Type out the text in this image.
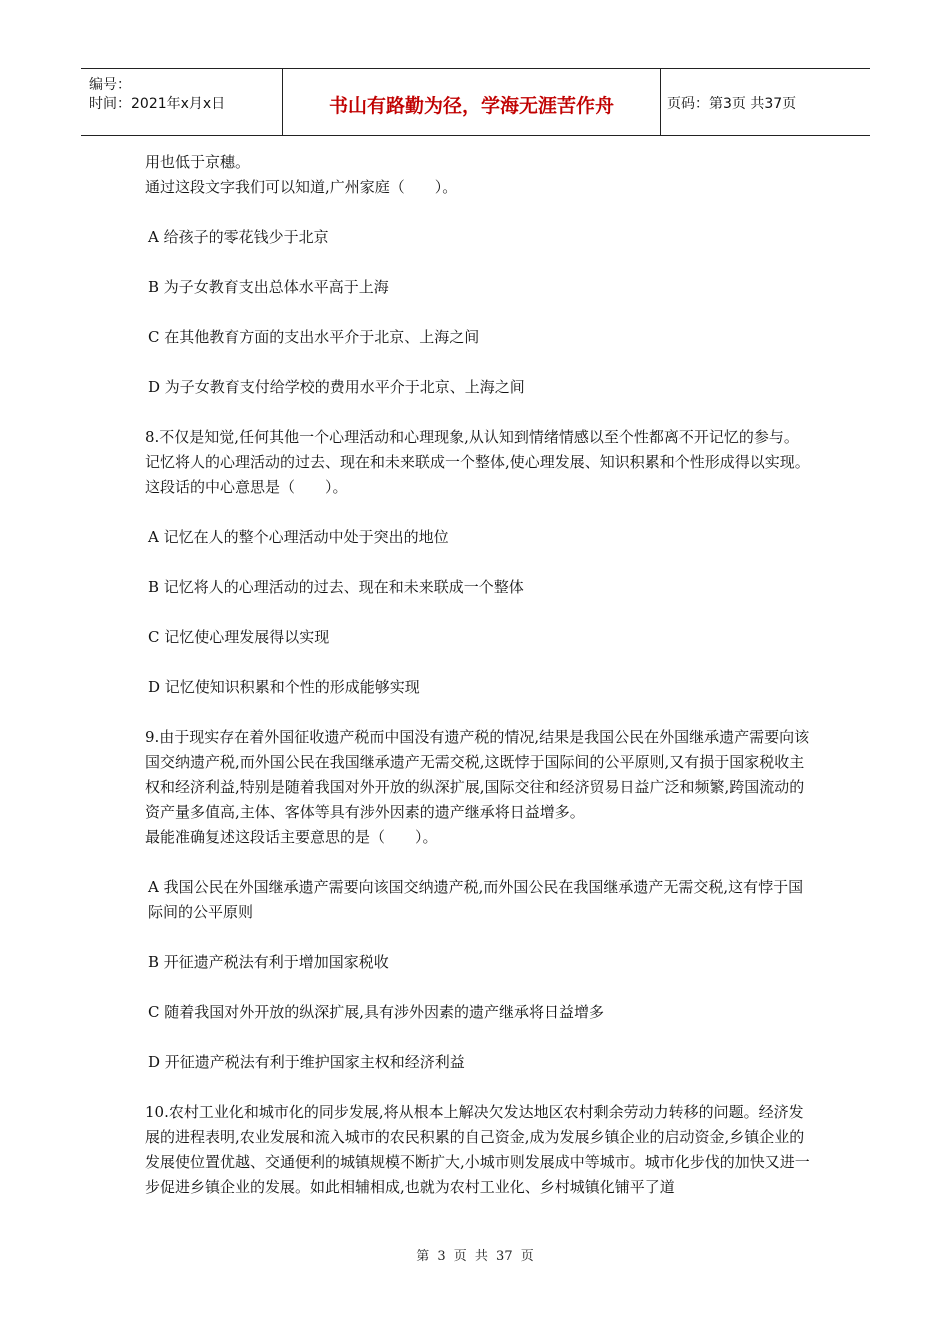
编号：
时间：2021年x月x日	书山有路勤为径，学海无涯苦作舟	页码：第3页 共37页

用也低于京穗。

通过这段文字我们可以知道,广州家庭（　　）。

A 给孩子的零花钱少于北京

B 为子女教育支出总体水平高于上海

C 在其他教育方面的支出水平介于北京、上海之间

D 为子女教育支付给学校的费用水平介于北京、上海之间

8.不仅是知觉,任何其他一个心理活动和心理现象,从认知到情绪情感以至个性都离不开记忆的参与。记忆将人的心理活动的过去、现在和未来联成一个整体,使心理发展、知识积累和个性形成得以实现。

这段话的中心意思是（　　）。

A 记忆在人的整个心理活动中处于突出的地位

B 记忆将人的心理活动的过去、现在和未来联成一个整体

C 记忆使心理发展得以实现

D 记忆使知识积累和个性的形成能够实现

9.由于现实存在着外国征收遗产税而中国没有遗产税的情况,结果是我国公民在外国继承遗产需要向该国交纳遗产税,而外国公民在我国继承遗产无需交税,这既悖于国际间的公平原则,又有损于国家税收主权和经济利益,特别是随着我国对外开放的纵深扩展,国际交往和经济贸易日益广泛和频繁,跨国流动的资产量多值高,主体、客体等具有涉外因素的遗产继承将日益增多。

最能准确复述这段话主要意思的是（　　）。

A 我国公民在外国继承遗产需要向该国交纳遗产税,而外国公民在我国继承遗产无需交税,这有悖于国际间的公平原则

B 开征遗产税法有利于增加国家税收

C 随着我国对外开放的纵深扩展,具有涉外因素的遗产继承将日益增多

D 开征遗产税法有利于维护国家主权和经济利益

10.农村工业化和城市化的同步发展,将从根本上解决欠发达地区农村剩余劳动力转移的问题。经济发展的进程表明,农业发展和流入城市的农民积累的自己资金,成为发展乡镇企业的启动资金,乡镇企业的发展使位置优越、交通便利的城镇规模不断扩大,小城市则发展成中等城市。城市化步伐的加快又进一步促进乡镇企业的发展。如此相辅相成,也就为农村工业化、乡村城镇化铺平了道

第 3 页 共 37 页
